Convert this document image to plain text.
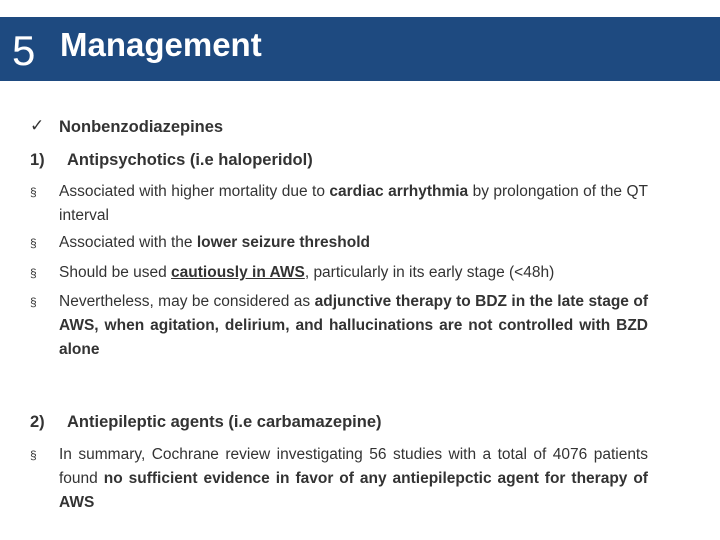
5 Management
✓ Nonbenzodiazepines
1) Antipsychotics (i.e haloperidol)
§ Associated with higher mortality due to cardiac arrhythmia by prolongation of the QT interval
§ Associated with the lower seizure threshold
§ Should be used cautiously in AWS, particularly in its early stage (<48h)
§ Nevertheless, may be considered as adjunctive therapy to BDZ in the late stage of AWS, when agitation, delirium, and hallucinations are not controlled with BZD alone
2) Antiepileptic agents (i.e carbamazepine)
§ In summary, Cochrane review investigating 56 studies with a total of 4076 patients found no sufficient evidence in favor of any antiepilepctic agent for therapy of AWS
